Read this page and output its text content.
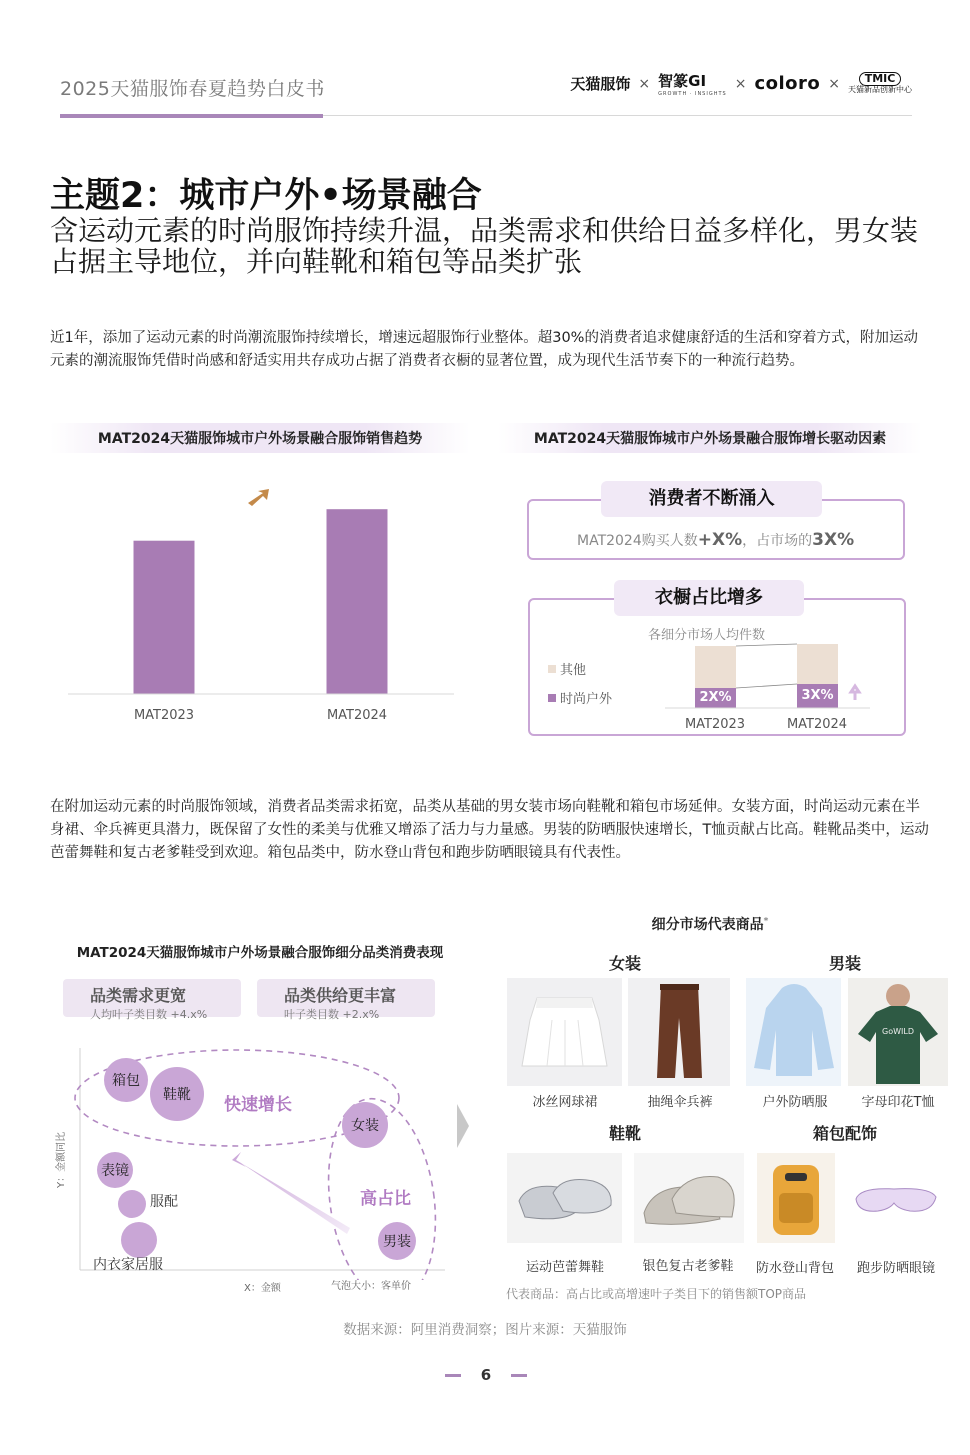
2025天猫服饰春夏趋势白皮书	天猫服饰 × 智篆GI
GROWTH · INSIGHTS
× coloro ×	TMIC
天猫新品创新中心
主题2：城市户外•场景融合
含运动元素的时尚服饰持续升温，品类需求和供给日益多样化，男女装占据主导地位，并向鞋靴和箱包等品类扩张
近1年，添加了运动元素的时尚潮流服饰持续增长，增速远超服饰行业整体。超30%的消费者追求健康舒适的生活和穿着方式，附加运动元素的潮流服饰凭借时尚感和舒适实用共存成功占据了消费者衣橱的显著位置，成为现代生活节奏下的一种流行趋势。
MAT2024天猫服饰城市户外场景融合服饰销售趋势
MAT2023	MAT2024
MAT2024天猫服饰城市户外场景融合服饰增长驱动因素
消费者不断涌入
MAT2024购买人数+X%，占市场的3X%
衣橱占比增多
各细分市场人均件数
其他
时尚户外	2X%	3X%
MAT2023	MAT2024
在附加运动元素的时尚服饰领域，消费者品类需求拓宽，品类从基础的男女装市场向鞋靴和箱包市场延伸。女装方面，时尚运动元素在半身裙、伞兵裤更具潜力，既保留了女性的柔美与优雅又增添了活力与力量感。男装的防晒服快速增长，T恤贡献占比高。鞋靴品类中，运动芭蕾舞鞋和复古老爹鞋受到欢迎。箱包品类中，防水登山背包和跑步防晒眼镜具有代表性。
MAT2024天猫服饰城市户外场景融合服饰细分品类消费表现
品类需求更宽
人均叶子类目数 +4.x%
品类供给更丰富
叶子类目数 +2.x%
箱包
鞋靴	快速增长
女装
表镜
服配	高占比
内衣家居服
男装
Y：金额同比
X：金额	气泡大小：客单价
细分市场代表商品*
女装	男装
GoWILD
冰丝网球裙	抽绳伞兵裤	户外防晒服	字母印花T恤
鞋靴	箱包配饰
运动芭蕾舞鞋	银色复古老爹鞋	防水登山背包	跑步防晒眼镜
代表商品：高占比或高增速叶子类目下的销售额TOP商品
数据来源：阿里消费洞察；图片来源：天猫服饰
6
